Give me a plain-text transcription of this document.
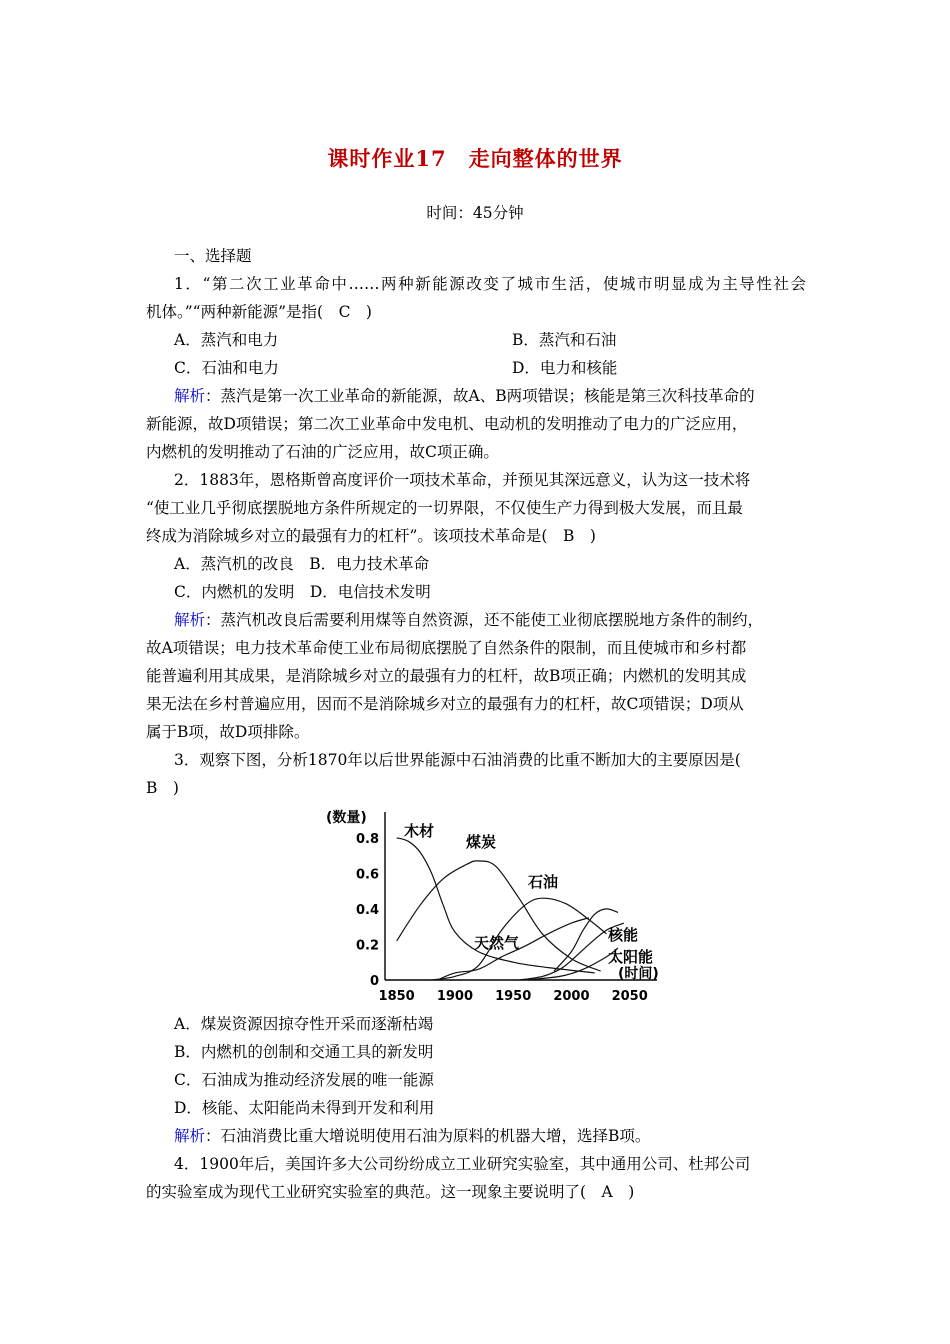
课时作业17　走向整体的世界
时间：45分钟
一、选择题
1．“第二次工业革命中……两种新能源改变了城市生活，使城市明显成为主导性社会
机体。”“两种新能源”是指(　C　)
A．蒸汽和电力	B．蒸汽和石油
C．石油和电力	D．电力和核能
解析：蒸汽是第一次工业革命的新能源，故A、B两项错误；核能是第三次科技革命的
新能源，故D项错误；第二次工业革命中发电机、电动机的发明推动了电力的广泛应用，
内燃机的发明推动了石油的广泛应用，故C项正确。
2．1883年，恩格斯曾高度评价一项技术革命，并预见其深远意义，认为这一技术将
“使工业几乎彻底摆脱地方条件所规定的一切界限，不仅使生产力得到极大发展，而且最
终成为消除城乡对立的最强有力的杠杆”。该项技术革命是(　B　)
A．蒸汽机的改良　B．电力技术革命
C．内燃机的发明　D．电信技术发明
解析：蒸汽机改良后需要利用煤等自然资源，还不能使工业彻底摆脱地方条件的制约，
故A项错误；电力技术革命使工业布局彻底摆脱了自然条件的限制，而且使城市和乡村都
能普遍利用其成果，是消除城乡对立的最强有力的杠杆，故B项正确；内燃机的发明其成
果无法在乡村普遍应用，因而不是消除城乡对立的最强有力的杠杆，故C项错误；D项从
属于B项，故D项排除。
3．观察下图，分析1870年以后世界能源中石油消费的比重不断加大的主要原因是(
B　)
(数量)
0
0.2
0.4
0.6
0.8
1850 1900 1950 2000 2050
(时间)
木材
煤炭
石油
天然气	核能
太阳能
A．煤炭资源因掠夺性开采而逐渐枯竭
B．内燃机的创制和交通工具的新发明
C．石油成为推动经济发展的唯一能源
D．核能、太阳能尚未得到开发和利用
解析：石油消费比重大增说明使用石油为原料的机器大增，选择B项。
4．1900年后，美国许多大公司纷纷成立工业研究实验室，其中通用公司、杜邦公司
的实验室成为现代工业研究实验室的典范。这一现象主要说明了(　A　)
